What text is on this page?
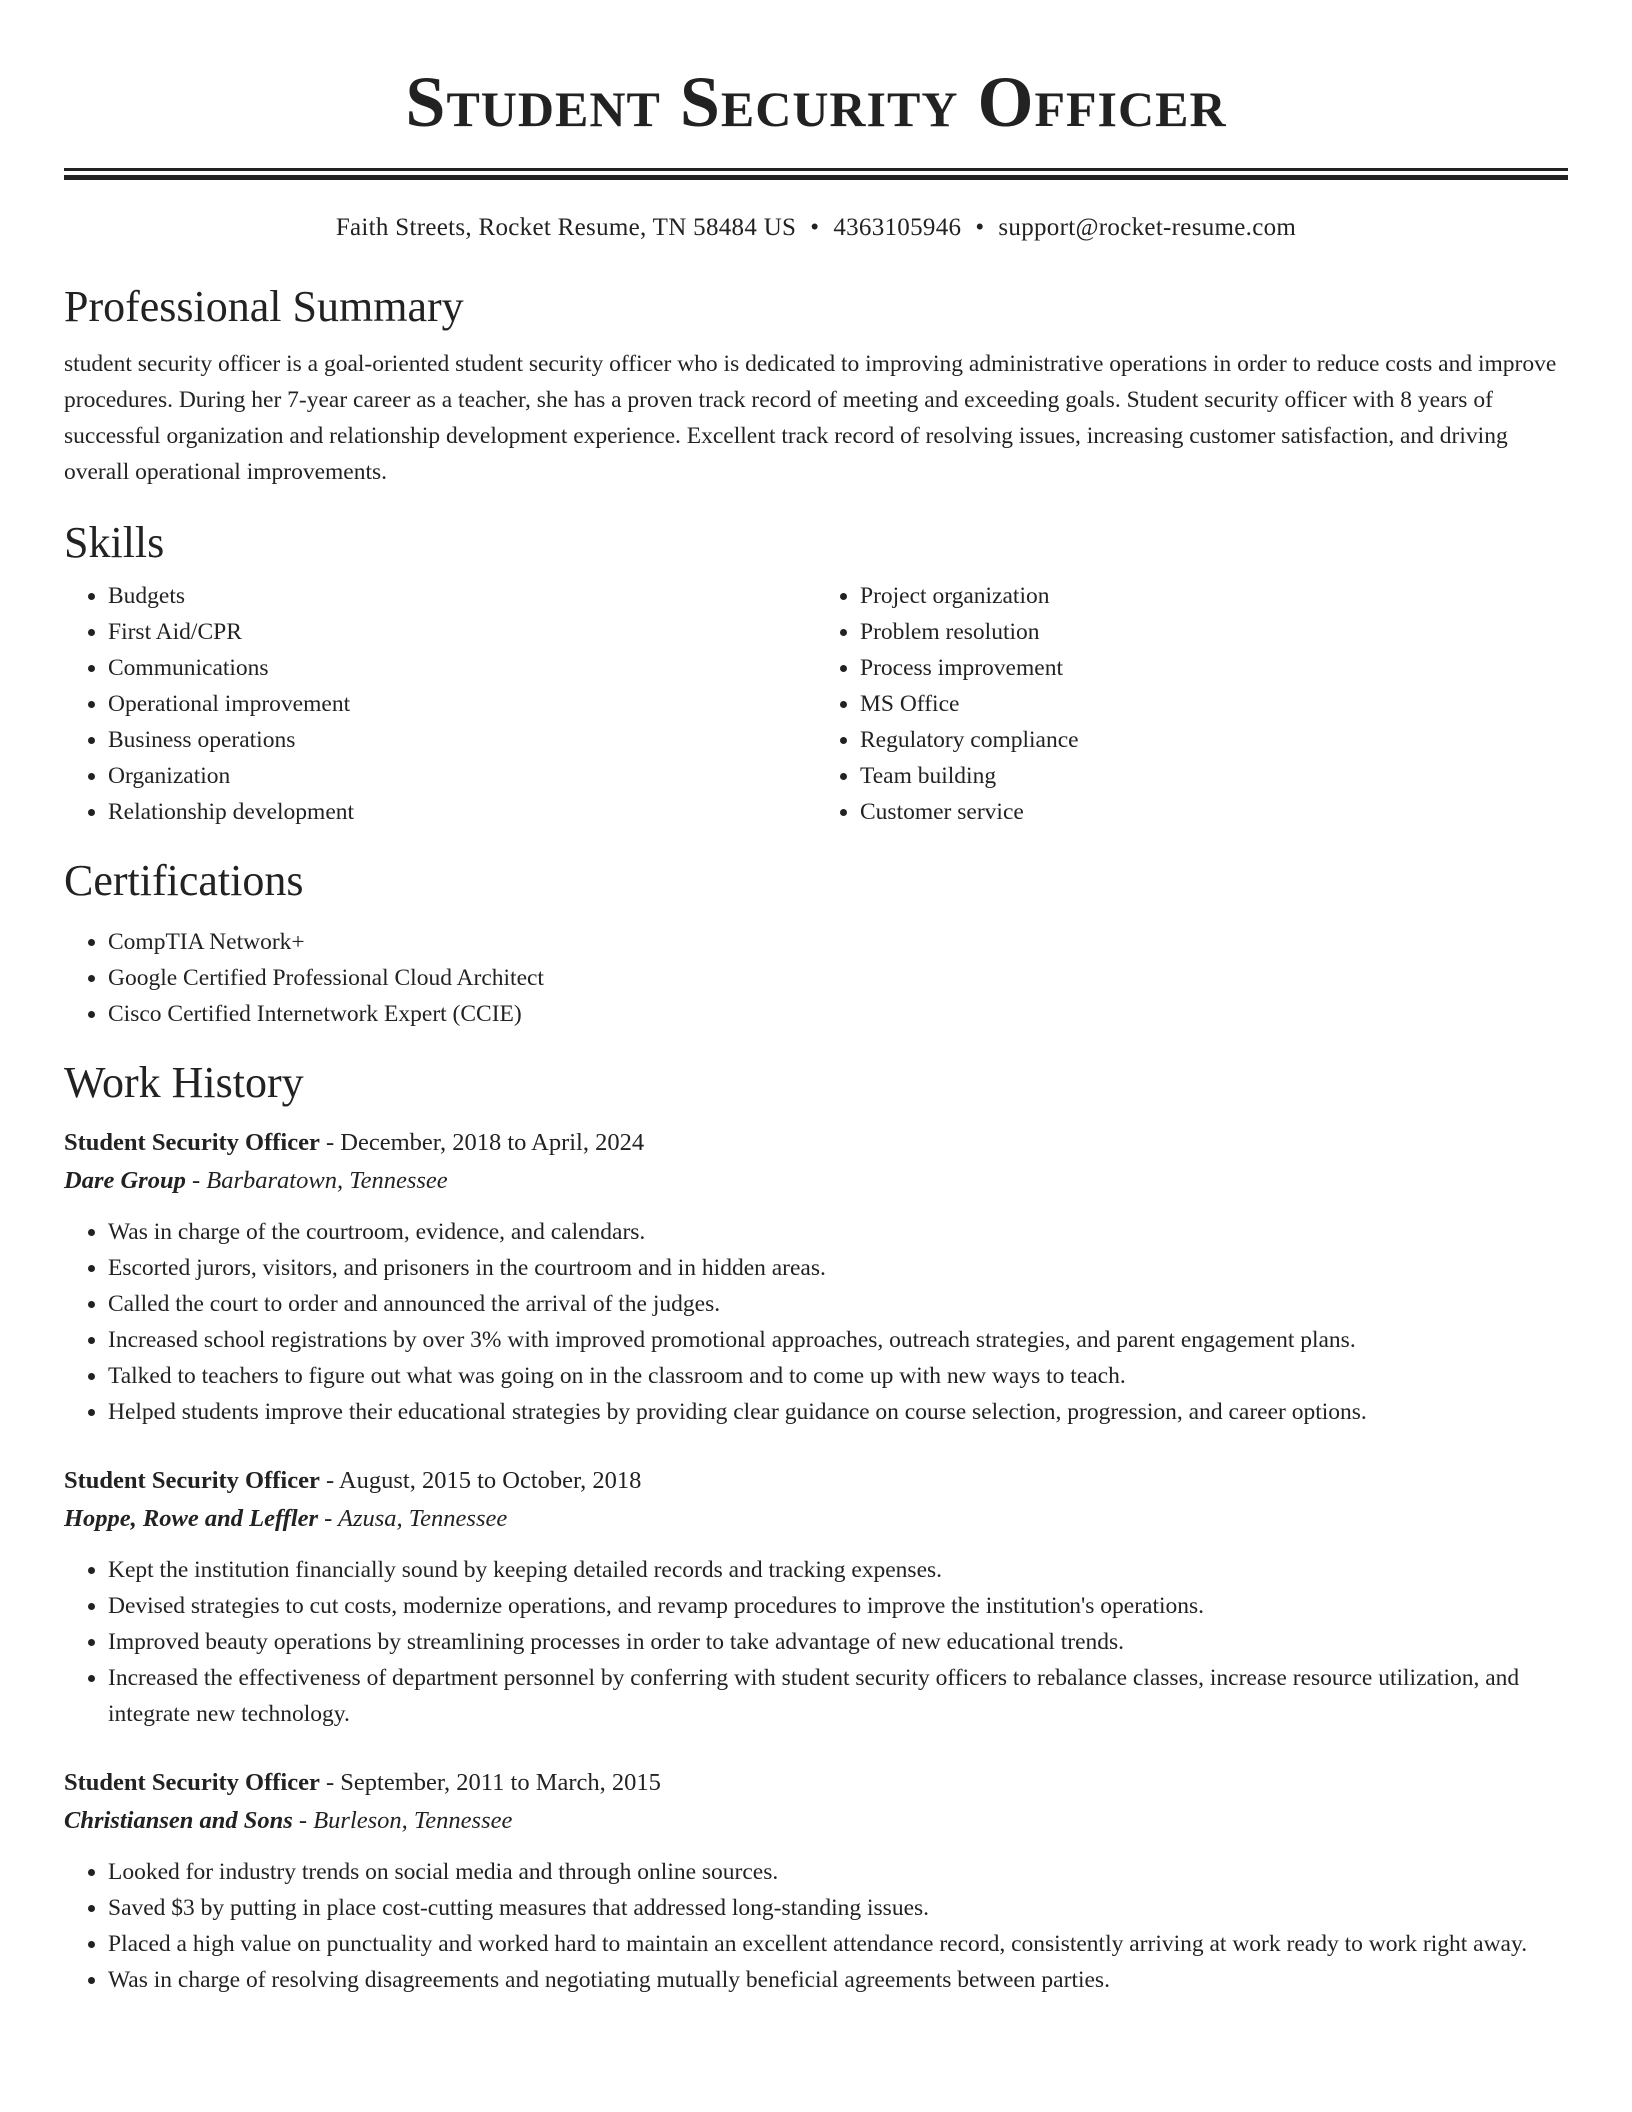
Student Security Officer
Faith Streets, Rocket Resume, TN 58484 US • 4363105946 • support@rocket-resume.com
Professional Summary

student security officer is a goal-oriented student security officer who is dedicated to improving administrative operations in order to reduce costs and improve procedures. During her 7-year career as a teacher, she has a proven track record of meeting and exceeding goals. Student security officer with 8 years of successful organization and relationship development experience. Excellent track record of resolving issues, increasing customer satisfaction, and driving overall operational improvements.

Skills
• Budgets
• First Aid/CPR
• Communications
• Operational improvement
• Business operations
• Organization
• Relationship development
• Project organization
• Problem resolution
• Process improvement
• MS Office
• Regulatory compliance
• Team building
• Customer service
Certifications
• CompTIA Network+
• Google Certified Professional Cloud Architect
• Cisco Certified Internetwork Expert (CCIE)
Work History
Student Security Officer - December, 2018 to April, 2024
Dare Group - Barbaratown, Tennessee
• Was in charge of the courtroom, evidence, and calendars.
• Escorted jurors, visitors, and prisoners in the courtroom and in hidden areas.
• Called the court to order and announced the arrival of the judges.
• Increased school registrations by over 3% with improved promotional approaches, outreach strategies, and parent engagement plans.
• Talked to teachers to figure out what was going on in the classroom and to come up with new ways to teach.
• Helped students improve their educational strategies by providing clear guidance on course selection, progression, and career options.
Student Security Officer - August, 2015 to October, 2018
Hoppe, Rowe and Leffler - Azusa, Tennessee
• Kept the institution financially sound by keeping detailed records and tracking expenses.
• Devised strategies to cut costs, modernize operations, and revamp procedures to improve the institution's operations.
• Improved beauty operations by streamlining processes in order to take advantage of new educational trends.
• Increased the effectiveness of department personnel by conferring with student security officers to rebalance classes, increase resource utilization, and integrate new technology.
Student Security Officer - September, 2011 to March, 2015
Christiansen and Sons - Burleson, Tennessee
• Looked for industry trends on social media and through online sources.
• Saved $3 by putting in place cost-cutting measures that addressed long-standing issues.
• Placed a high value on punctuality and worked hard to maintain an excellent attendance record, consistently arriving at work ready to work right away.
• Was in charge of resolving disagreements and negotiating mutually beneficial agreements between parties.
